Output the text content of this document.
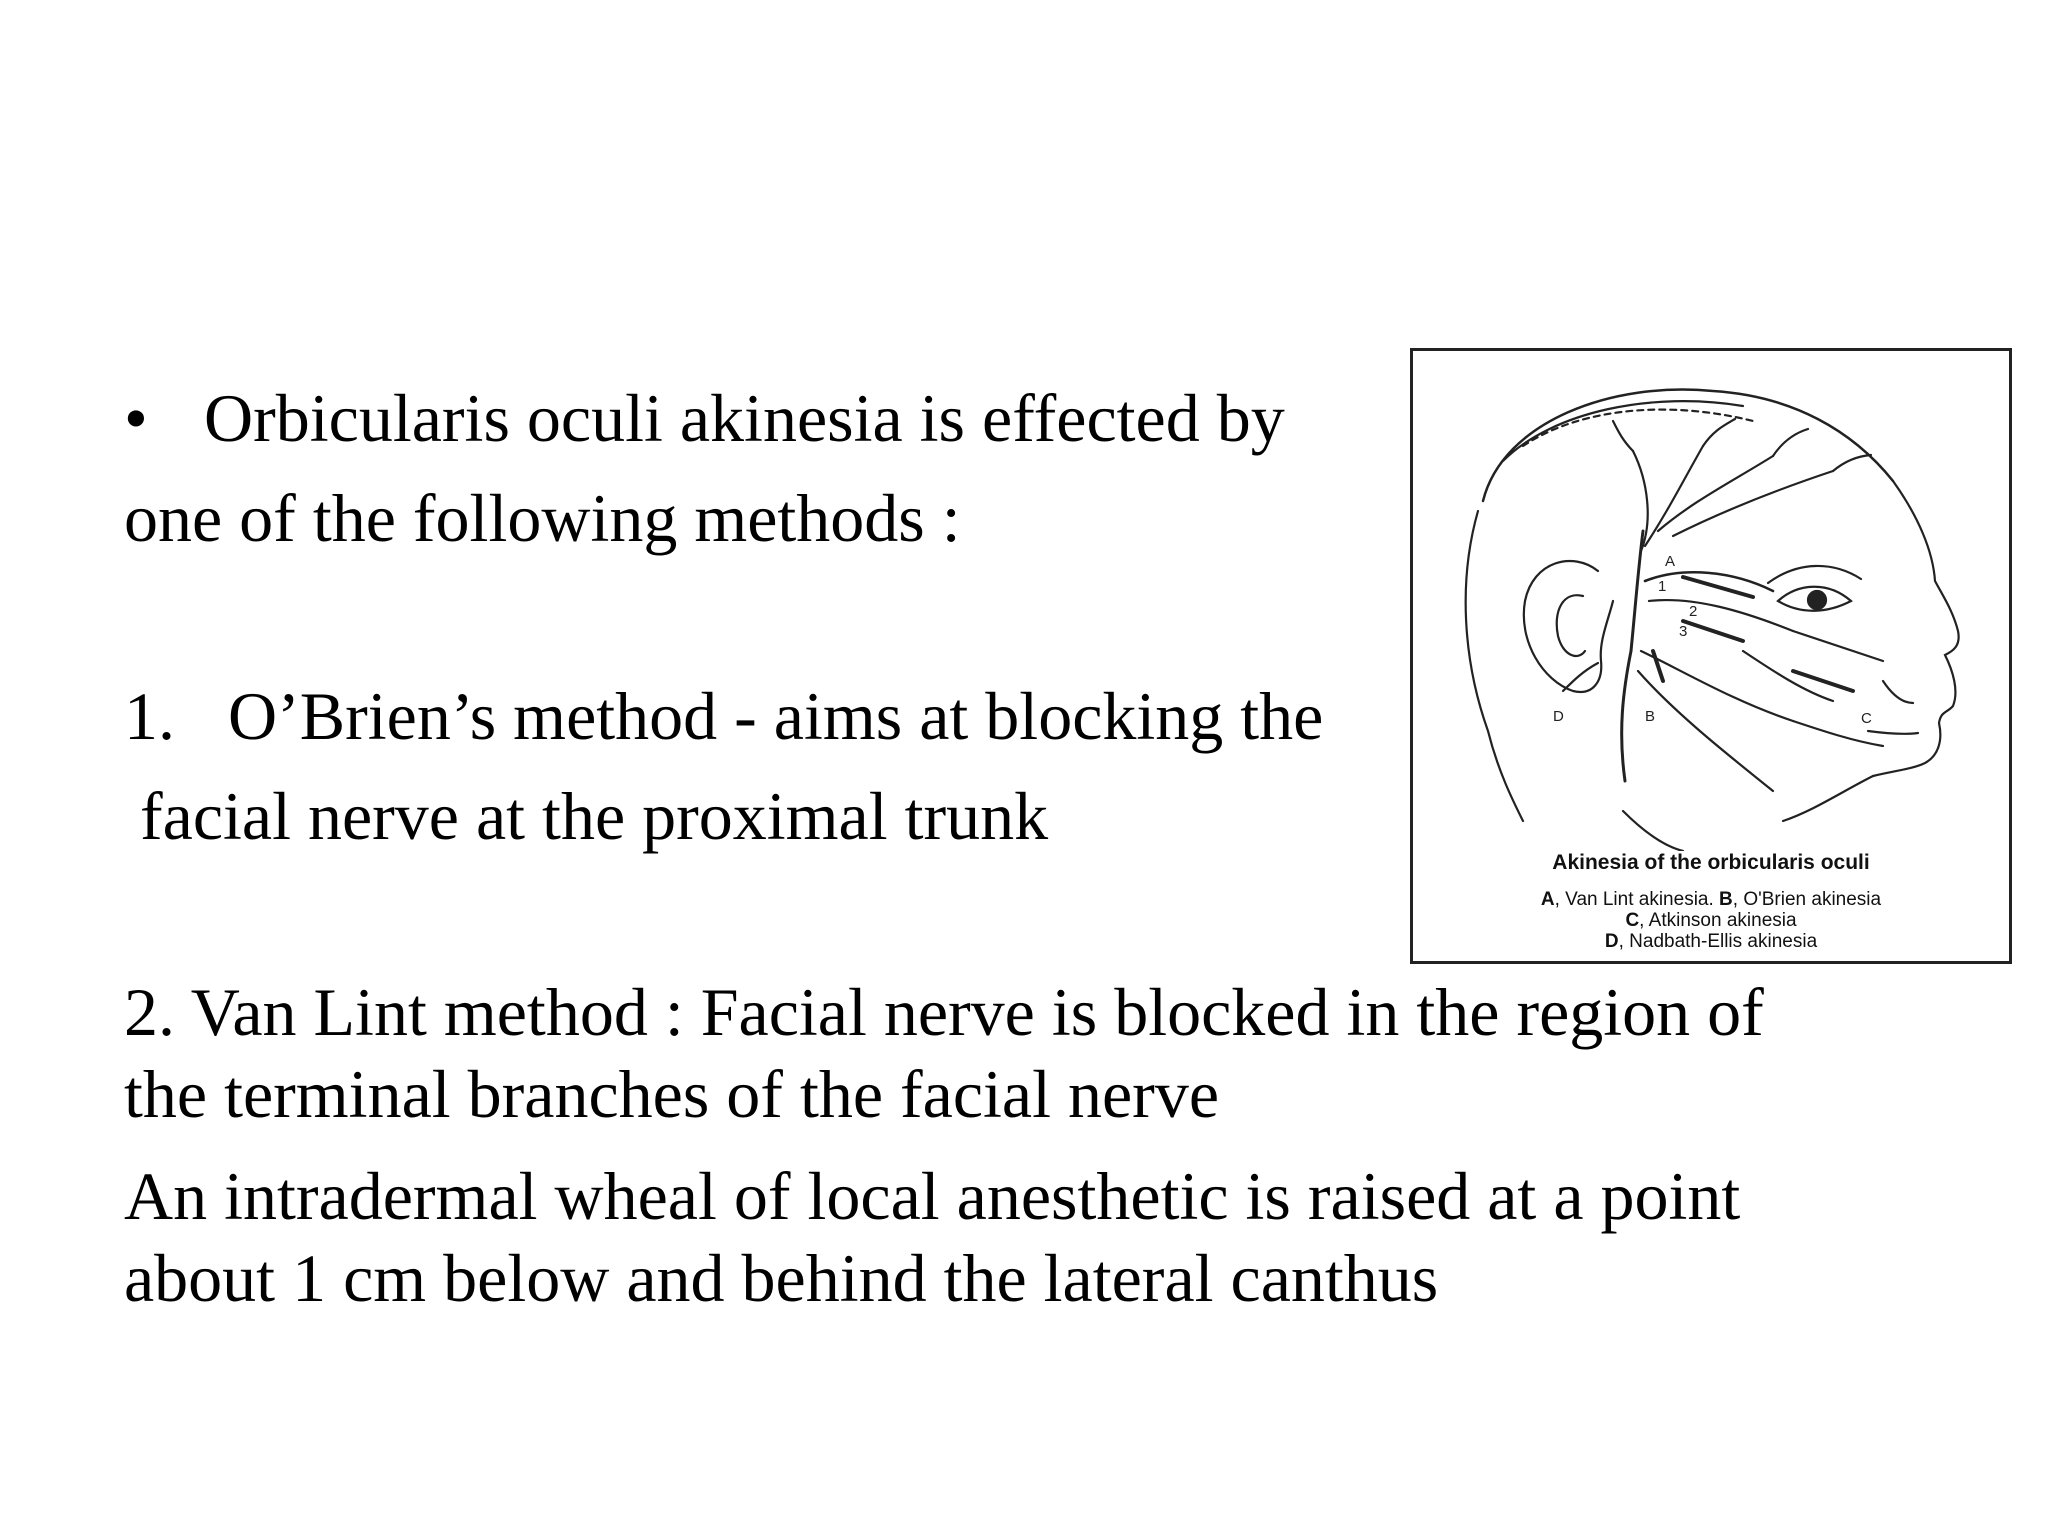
• Orbicularis oculi akinesia is effected by
one of the following methods :
1. O’Brien’s method - aims at blocking the
facial nerve at the proximal trunk
2. Van Lint method : Facial nerve is blocked in the region of
the terminal branches of the facial nerve
An intradermal wheal of local anesthetic is raised at a point
about 1 cm below and behind the lateral canthus
A
1
2
3
B	C
D
Akinesia of the orbicularis oculi
A, Van Lint akinesia. B, O'Brien akinesia
C, Atkinson akinesia
D, Nadbath-Ellis akinesia
